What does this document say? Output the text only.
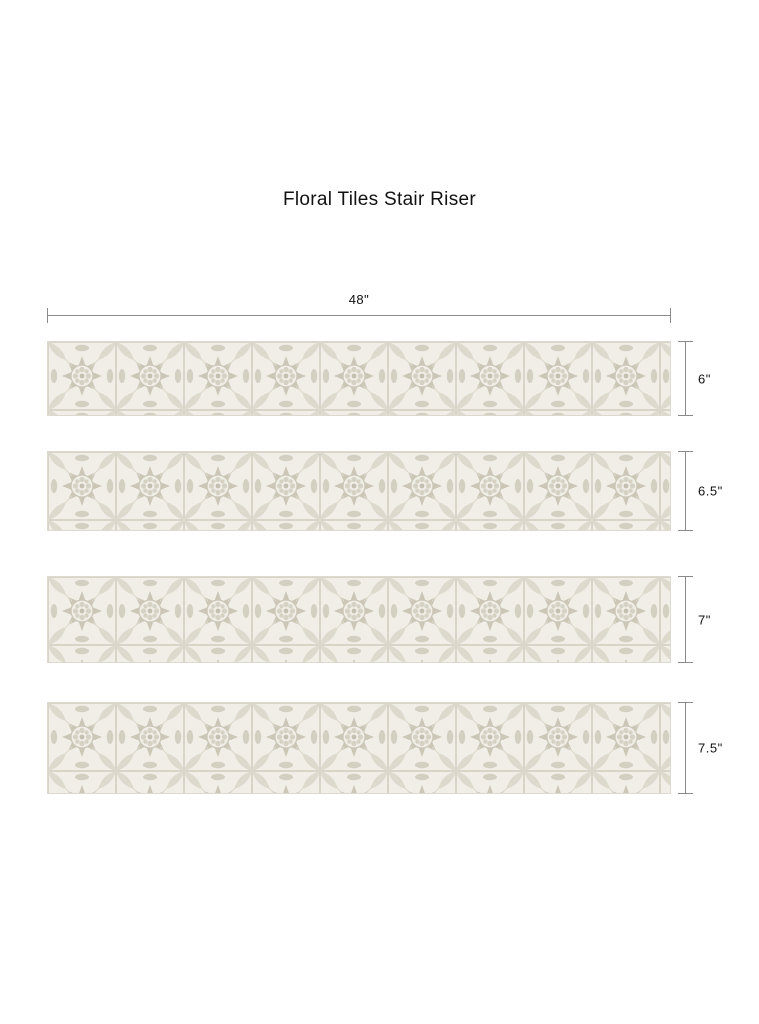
Floral Tiles Stair Riser
48"
6"
6.5"
7"
7.5"
